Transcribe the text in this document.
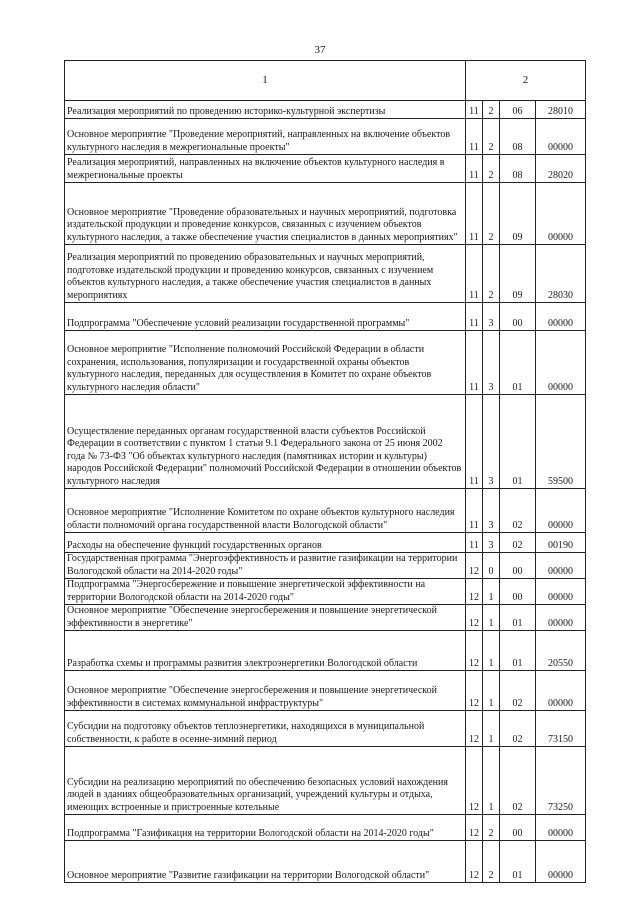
37
1	2			
Реализация мероприятий по проведению историко-культурной экспертизы	11	2	06	28010
Основное мероприятие "Проведение мероприятий, направленных на включение объектов культурного наследия в межрегиональные проекты"	11	2	08	00000
Реализация мероприятий, направленных на включение объектов культурного наследия в межрегиональные проекты	11	2	08	28020
Основное мероприятие "Проведение образовательных и научных мероприятий, подготовка издательской продукции и проведение конкурсов, связанных с изучением объектов культурного наследия, а также обеспечение участия специалистов в данных мероприятиях"	11	2	09	00000
Реализация мероприятий по проведению образовательных и научных мероприятий, подготовке издательской продукции и проведению конкурсов, связанных с изучением объектов культурного наследия, а также обеспечение участия специалистов в данных мероприятиях	11	2	09	28030
Подпрограмма "Обеспечение условий реализации государственной программы"	11	3	00	00000
Основное мероприятие "Исполнение полномочий Российской Федерации в области сохранения, использования, популяризации и государственной охраны объектов культурного наследия, переданных для осуществления в Комитет по охране объектов культурного наследия области"	11	3	01	00000
Осуществление переданных органам государственной власти субъектов Российской Федерации в соответствии с пунктом 1 статьи 9.1 Федерального закона от 25 июня 2002 года № 73-ФЗ "Об объектах культурного наследия (памятниках истории и культуры) народов Российской Федерации" полномочий Российской Федерации в отношении объектов культурного наследия	11	3	01	59500
Основное мероприятие "Исполнение Комитетом по охране объектов культурного наследия области полномочий органа государственной власти Вологодской области"	11	3	02	00000
Расходы на обеспечение функций государственных органов	11	3	02	00190
Государственная программа "Энергоэффективность и развитие газификации на территории Вологодской области на 2014-2020 годы"	12	0	00	00000
Подпрограмма "Энергосбережение и повышение энергетической эффективности на территории Вологодской области на 2014-2020 годы"	12	1	00	00000
Основное мероприятие "Обеспечение энергосбережения и повышение энергетической эффективности в энергетике"	12	1	01	00000
Разработка схемы и программы развития электроэнергетики Вологодской области	12	1	01	20550
Основное мероприятие "Обеспечение энергосбережения и повышение энергетической эффективности в системах коммунальной инфраструктуры"	12	1	02	00000
Субсидии на подготовку объектов теплоэнергетики, находящихся в муниципальной собственности, к работе в осенне-зимний период	12	1	02	73150
Субсидии на реализацию мероприятий по обеспечению безопасных условий нахождения людей в зданиях общеобразовательных организаций, учреждений культуры и отдыха, имеющих встроенные и пристроенные котельные	12	1	02	73250
Подпрограмма "Газификация на территории Вологодской области на 2014-2020 годы"	12	2	00	00000
Основное мероприятие "Развитие газификации на территории Вологодской области"	12	2	01	00000
